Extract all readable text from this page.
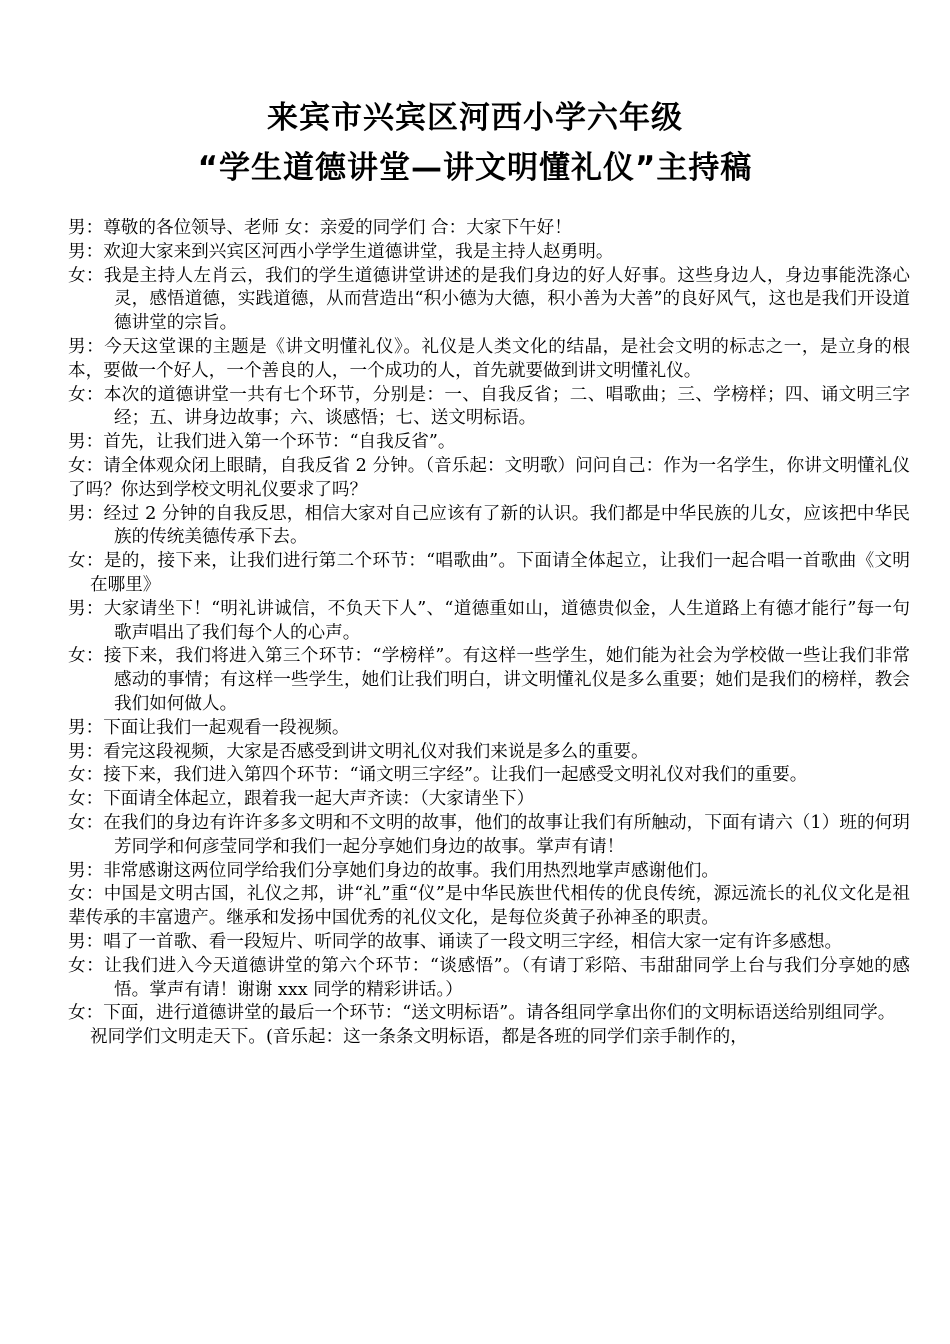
来宾市兴宾区河西小学六年级
“学生道德讲堂—讲文明懂礼仪”主持稿

男：尊敬的各位领导、老师 女：亲爱的同学们 合：大家下午好！

男：欢迎大家来到兴宾区河西小学学生道德讲堂，我是主持人赵勇明。

女：我是主持人左肖云，我们的学生道德讲堂讲述的是我们身边的好人好事。这些身边人，身边事能洗涤心灵，感悟道德，实践道德，从而营造出“积小德为大德，积小善为大善”的良好风气，这也是我们开设道德讲堂的宗旨。

男：今天这堂课的主题是《讲文明懂礼仪》。礼仪是人类文化的结晶，是社会文明的标志之一，是立身的根本，要做一个好人，一个善良的人，一个成功的人，首先就要做到讲文明懂礼仪。

女：本次的道德讲堂一共有七个环节，分别是：一、自我反省；二、唱歌曲；三、学榜样；四、诵文明三字经；五、讲身边故事；六、谈感悟；七、送文明标语。

男：首先，让我们进入第一个环节：“自我反省”。

女：请全体观众闭上眼睛，自我反省 2 分钟。（音乐起：文明歌）问问自己：作为一名学生，你讲文明懂礼仪了吗？你达到学校文明礼仪要求了吗？

男：经过 2 分钟的自我反思，相信大家对自己应该有了新的认识。我们都是中华民族的儿女，应该把中华民族的传统美德传承下去。

女：是的，接下来，让我们进行第二个环节：“唱歌曲”。下面请全体起立，让我们一起合唱一首歌曲《文明在哪里》

男：大家请坐下！“明礼讲诚信，不负天下人”、“道德重如山，道德贵似金，人生道路上有德才能行”每一句歌声唱出了我们每个人的心声。

女：接下来，我们将进入第三个环节：“学榜样”。有这样一些学生，她们能为社会为学校做一些让我们非常感动的事情；有这样一些学生，她们让我们明白，讲文明懂礼仪是多么重要；她们是我们的榜样，教会我们如何做人。

男：下面让我们一起观看一段视频。

男：看完这段视频，大家是否感受到讲文明礼仪对我们来说是多么的重要。

女：接下来，我们进入第四个环节：“诵文明三字经”。让我们一起感受文明礼仪对我们的重要。

女：下面请全体起立，跟着我一起大声齐读：（大家请坐下）

女：在我们的身边有许许多多文明和不文明的故事，他们的故事让我们有所触动，下面有请六（1）班的何玥芳同学和何彦莹同学和我们一起分享她们身边的故事。掌声有请！

男：非常感谢这两位同学给我们分享她们身边的故事。我们用热烈地掌声感谢他们。

女：中国是文明古国，礼仪之邦，讲“礼”重“仪”是中华民族世代相传的优良传统，源远流长的礼仪文化是祖辈传承的丰富遗产。继承和发扬中国优秀的礼仪文化，是每位炎黄子孙神圣的职责。

男：唱了一首歌、看一段短片、听同学的故事、诵读了一段文明三字经，相信大家一定有许多感想。

女：让我们进入今天道德讲堂的第六个环节：“谈感悟”。（有请丁彩陪、韦甜甜同学上台与我们分享她的感悟。掌声有请！谢谢 xxx 同学的精彩讲话。）

女：下面，进行道德讲堂的最后一个环节：“送文明标语”。请各组同学拿出你们的文明标语送给别组同学。

祝同学们文明走天下。(音乐起：这一条条文明标语，都是各班的同学们亲手制作的，
